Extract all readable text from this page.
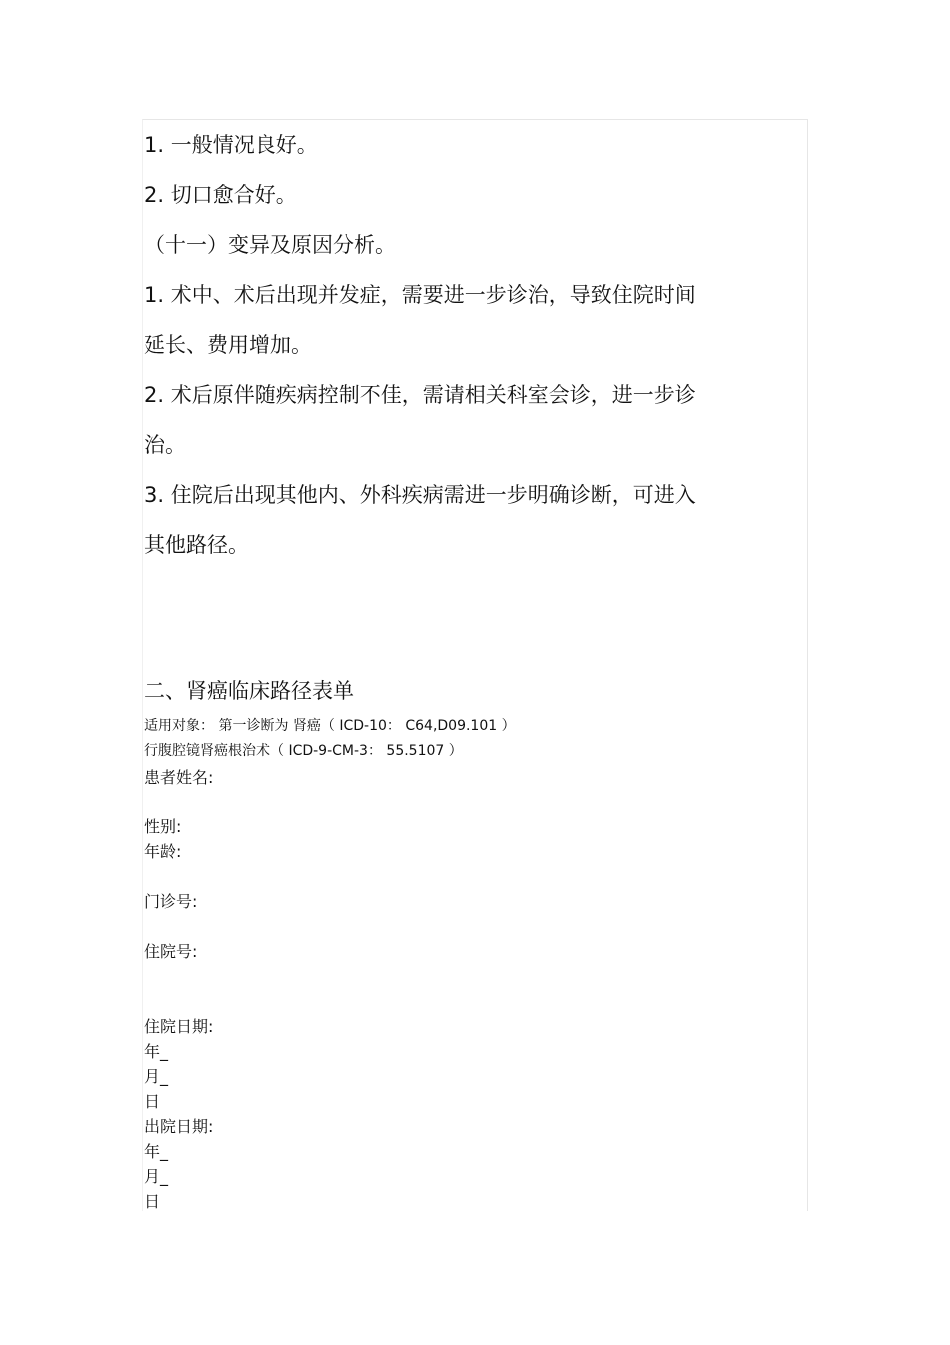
1. 一般情况良好。
2. 切口愈合好。
（十一）变异及原因分析。
1. 术中、术后出现并发症，需要进一步诊治，导致住院时间
延长、费用增加。
2. 术后原伴随疾病控制不佳，需请相关科室会诊，进一步诊
治。
3. 住院后出现其他内、外科疾病需进一步明确诊断，可进入
其他路径。
二、肾癌临床路径表单
适用对象： 第一诊断为 肾癌（ ICD-10： C64,D09.101 ）
行腹腔镜肾癌根治术（ ICD-9-CM-3： 55.5107 ）
患者姓名:
性别:
年龄:
门诊号:
住院号:
住院日期:
年_
月_
日
出院日期:
年_
月_
日
